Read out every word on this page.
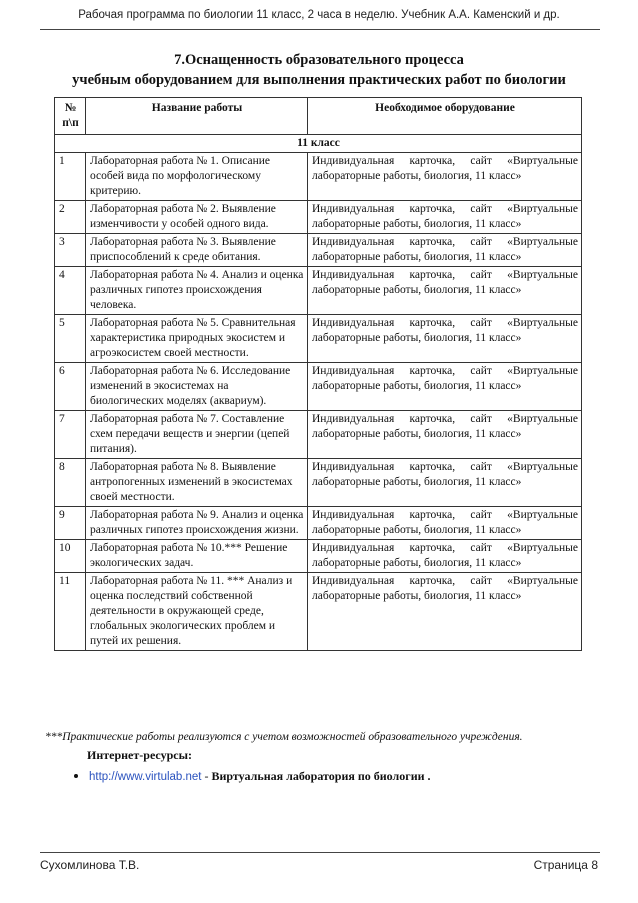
Рабочая программа по биологии 11 класс, 2 часа в неделю. Учебник А.А. Каменский и др.
7.Оснащенность образовательного процесса
учебным оборудованием для выполнения практических работ по биологии
№ п\п	Название работы	Необходимое оборудование
11 класс		
1	Лабораторная работа № 1. Описание особей вида по морфологическому критерию.	Индивидуальная карточка, сайт «Виртуальные лабораторные работы, биология, 11 класс»
2	Лабораторная работа № 2. Выявление изменчивости у особей одного вида.	Индивидуальная карточка, сайт «Виртуальные лабораторные работы, биология, 11 класс»
3	Лабораторная работа № 3. Выявление приспособлений к среде обитания.	Индивидуальная карточка, сайт «Виртуальные лабораторные работы, биология, 11 класс»
4	Лабораторная работа № 4. Анализ и оценка различных гипотез происхождения человека.	Индивидуальная карточка, сайт «Виртуальные лабораторные работы, биология, 11 класс»
5	Лабораторная работа № 5. Сравнительная характеристика природных экосистем и агроэкосистем своей местности.	Индивидуальная карточка, сайт «Виртуальные лабораторные работы, биология, 11 класс»
6	Лабораторная работа № 6. Исследование изменений в экосистемах на биологических моделях (аквариум).	Индивидуальная карточка, сайт «Виртуальные лабораторные работы, биология, 11 класс»
7	Лабораторная работа № 7. Составление схем передачи веществ и энергии (цепей питания).	Индивидуальная карточка, сайт «Виртуальные лабораторные работы, биология, 11 класс»
8	Лабораторная работа № 8. Выявление антропогенных изменений в экосистемах своей местности.	Индивидуальная карточка, сайт «Виртуальные лабораторные работы, биология, 11 класс»
9	Лабораторная работа № 9. Анализ и оценка различных гипотез происхождения жизни.	Индивидуальная карточка, сайт «Виртуальные лабораторные работы, биология, 11 класс»
10	Лабораторная работа № 10.*** Решение экологических задач.	Индивидуальная карточка, сайт «Виртуальные лабораторные работы, биология, 11 класс»
11	Лабораторная работа № 11. *** Анализ и оценка последствий собственной деятельности в окружающей среде, глобальных экологических проблем и путей их решения.	Индивидуальная карточка, сайт «Виртуальные лабораторные работы, биология, 11 класс»
***Практические работы реализуются с учетом возможностей образовательного учреждения.
Интернет-ресурсы:
http://www.virtulab.net - Виртуальная лаборатория по биологии .
Сухомлинова Т.В.	Страница 8
